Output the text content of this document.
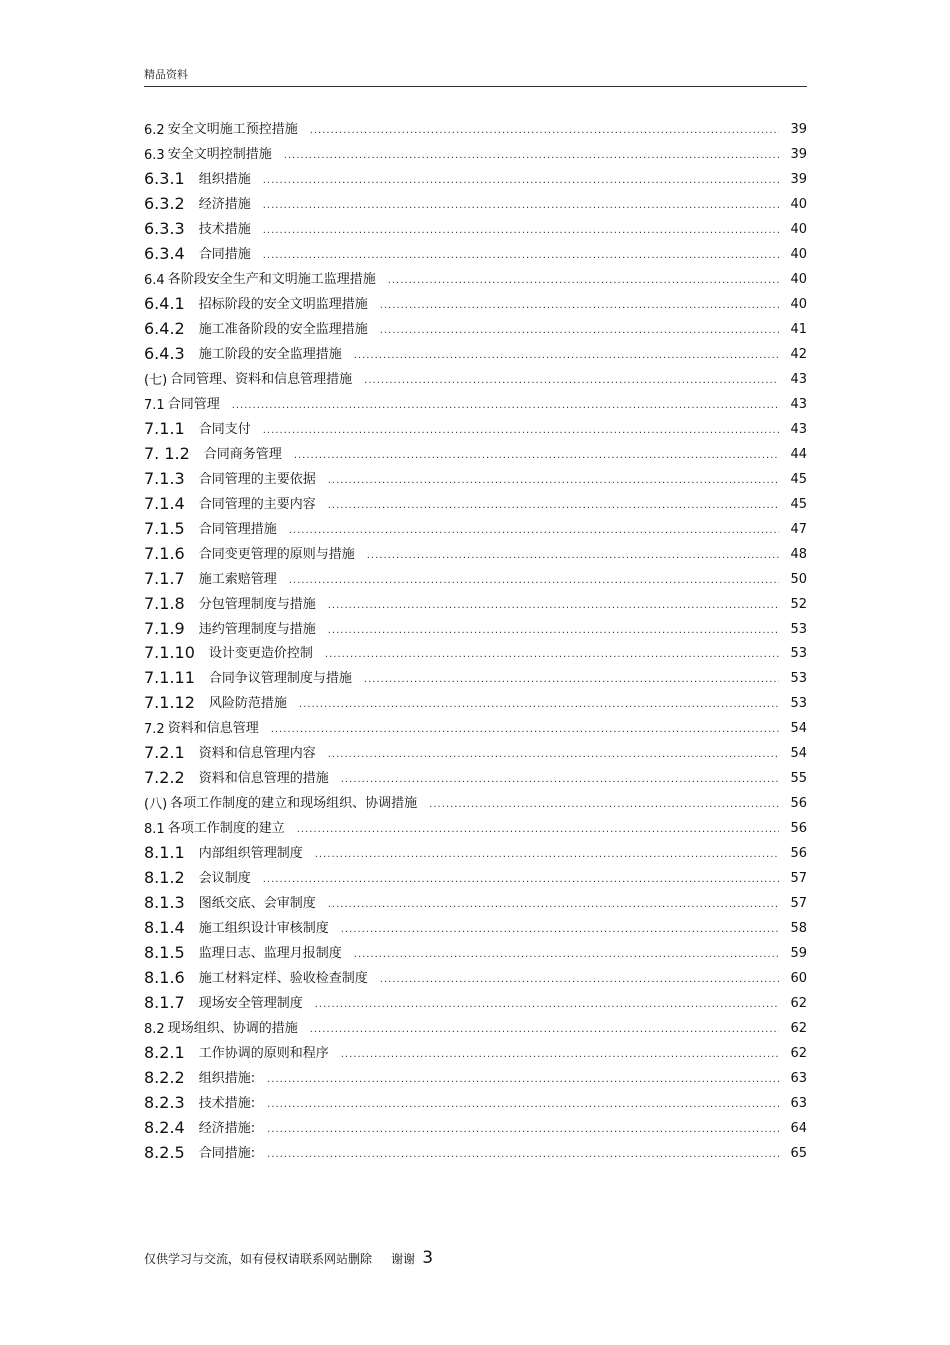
精品资料
6.2 安全文明施工预控措施 .....	39
6.3 安全文明控制措施 .....	39
6.3.1 组织措施 .....	39
6.3.2 经济措施 .....	40
6.3.3 技术措施 .....	40
6.3.4 合同措施 .....	40
6.4 各阶段安全生产和文明施工监理措施 .....	40
6.4.1 招标阶段的安全文明监理措施 .....	40
6.4.2 施工准备阶段的安全监理措施 .....	41
6.4.3 施工阶段的安全监理措施 .....	42
(七) 合同管理、资料和信息管理措施 .....	43
7.1 合同管理 .....	43
7.1.1 合同支付 .....	43
7. 1.2 合同商务管理 .....	44
7.1.3 合同管理的主要依据 .....	45
7.1.4 合同管理的主要内容 .....	45
7.1.5 合同管理措施 .....	47
7.1.6 合同变更管理的原则与措施 .....	48
7.1.7 施工索赔管理 .....	50
7.1.8 分包管理制度与措施 .....	52
7.1.9 违约管理制度与措施 .....	53
7.1.10 设计变更造价控制 .....	53
7.1.11 合同争议管理制度与措施 .....	53
7.1.12 风险防范措施 .....	53
7.2 资料和信息管理 .....	54
7.2.1 资料和信息管理内容 .....	54
7.2.2 资料和信息管理的措施 .....	55
(八) 各项工作制度的建立和现场组织、协调措施 .....	56
8.1 各项工作制度的建立 .....	56
8.1.1 内部组织管理制度 .....	56
8.1.2 会议制度 .....	57
8.1.3 图纸交底、会审制度 .....	57
8.1.4 施工组织设计审核制度 .....	58
8.1.5 监理日志、监理月报制度 .....	59
8.1.6 施工材料定样、验收检查制度 .....	60
8.1.7 现场安全管理制度 .....	62
8.2 现场组织、协调的措施 .....	62
8.2.1 工作协调的原则和程序 .....	62
8.2.2 组织措施: .....	63
8.2.3 技术措施: .....	63
8.2.4 经济措施: .....	64
8.2.5 合同措施: .....	65
仅供学习与交流，如有侵权请联系网站删除 谢谢 3
